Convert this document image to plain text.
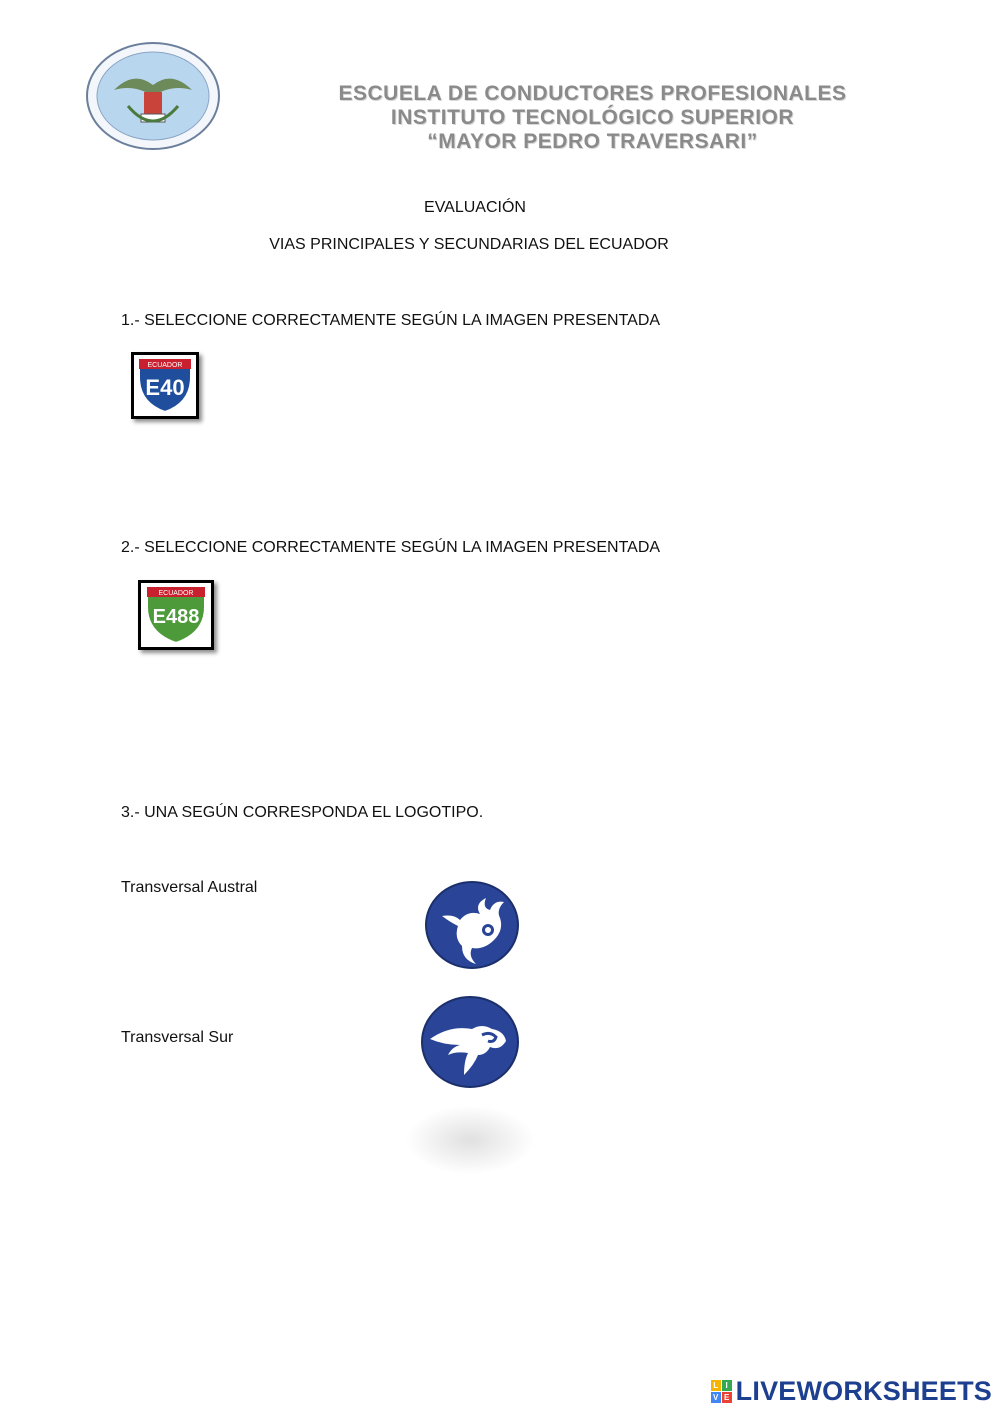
ESCUELA DE CONDUCTORES PROFESIONALES
INSTITUTO TECNOLÓGICO SUPERIOR
“MAYOR PEDRO TRAVERSARI”
EVALUACIÓN
VIAS PRINCIPALES Y SECUNDARIAS DEL ECUADOR
1.- SELECCIONE CORRECTAMENTE SEGÚN LA IMAGEN PRESENTADA
ECUADOR
E40
2.- SELECCIONE CORRECTAMENTE SEGÚN LA IMAGEN PRESENTADA
ECUADOR
E488
3.- UNA SEGÚN CORRESPONDA EL LOGOTIPO.
Transversal Austral
Transversal Sur
L I
V E LIVEWORKSHEETS
